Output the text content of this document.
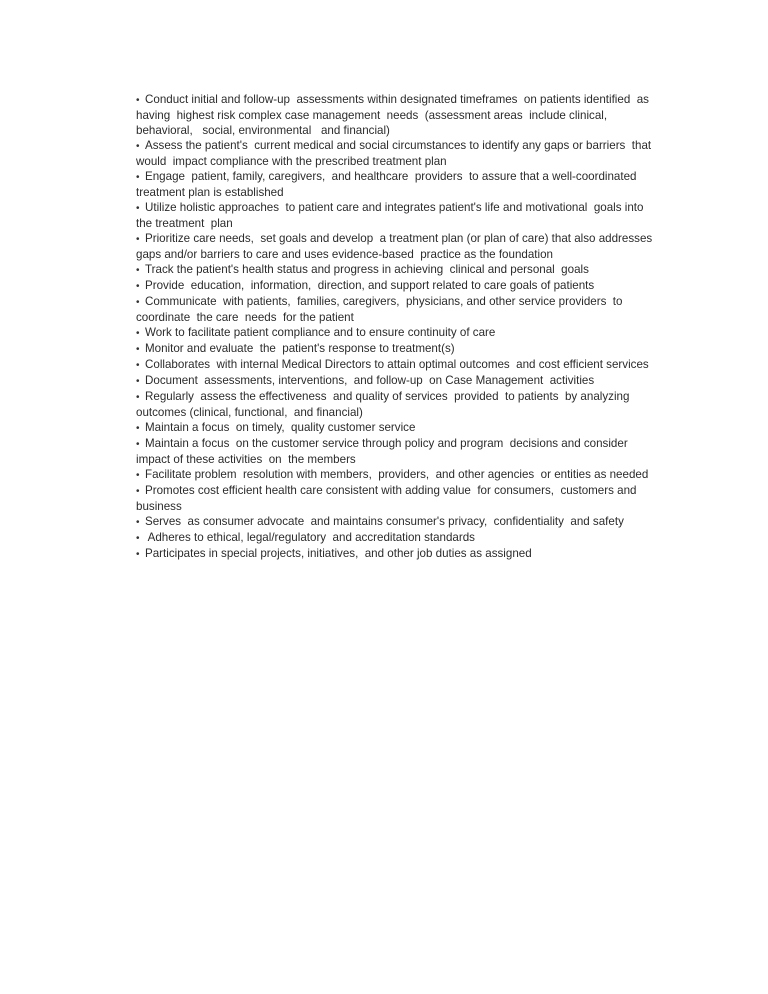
• Conduct initial and follow-up  assessments within designated timeframes  on patients identified  as
having  highest risk complex case management  needs  (assessment areas  include clinical,
behavioral,   social, environmental   and financial)
• Assess the patient's  current medical and social circumstances to identify any gaps or barriers  that
would  impact compliance with the prescribed treatment plan
• Engage  patient, family, caregivers,  and healthcare  providers  to assure that a well-coordinated
treatment plan is established
• Utilize holistic approaches  to patient care and integrates patient's life and motivational  goals into
the treatment  plan
• Prioritize care needs,  set goals and develop  a treatment plan (or plan of care) that also addresses
gaps and/or barriers to care and uses evidence-based  practice as the foundation
• Track the patient's health status and progress in achieving  clinical and personal  goals
• Provide  education,  information,  direction, and support related to care goals of patients
• Communicate  with patients,  families, caregivers,  physicians, and other service providers  to
coordinate  the care  needs  for the patient
• Work to facilitate patient compliance and to ensure continuity of care
• Monitor and evaluate  the  patient's response to treatment(s)
• Collaborates  with internal Medical Directors to attain optimal outcomes  and cost efficient services
• Document  assessments, interventions,  and follow-up  on Case Management  activities
• Regularly  assess the effectiveness  and quality of services  provided  to patients  by analyzing
outcomes (clinical, functional,  and financial)
• Maintain a focus  on timely,  quality customer service
• Maintain a focus  on the customer service through policy and program  decisions and consider
impact of these activities  on  the members
• Facilitate problem  resolution with members,  providers,  and other agencies  or entities as needed
• Promotes cost efficient health care consistent with adding value  for consumers,  customers and
business
• Serves  as consumer advocate  and maintains consumer's privacy,  confidentiality  and safety
• Adheres to ethical, legal/regulatory  and accreditation standards
• Participates in special projects, initiatives,  and other job duties as assigned
